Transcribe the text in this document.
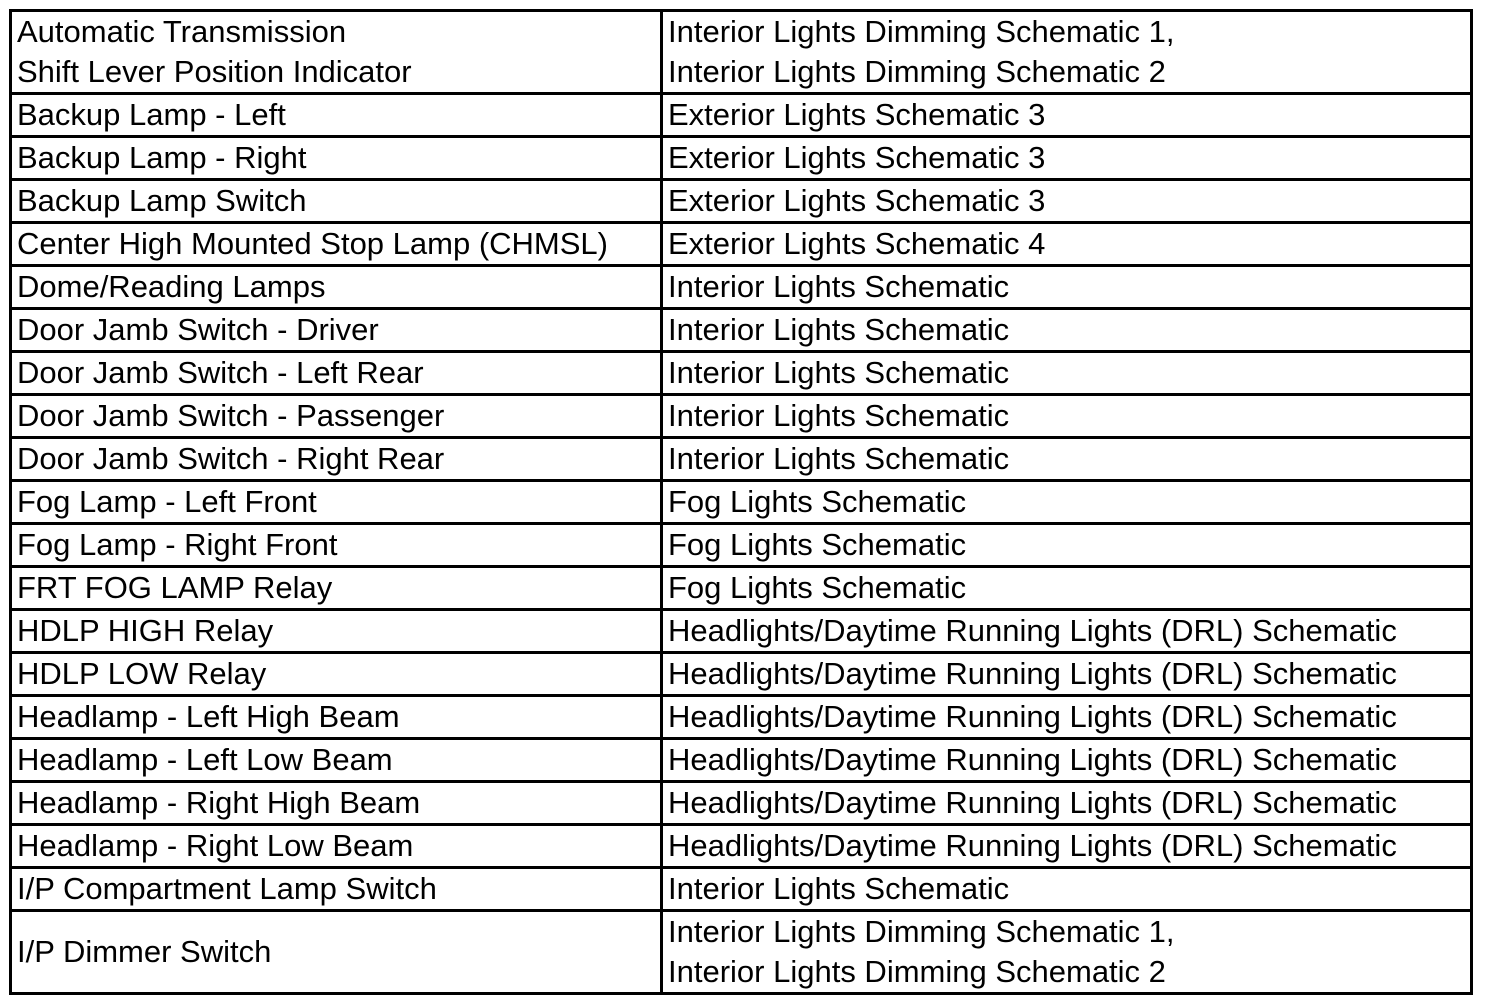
Automatic Transmission
Shift Lever Position Indicator	Interior Lights Dimming Schematic 1,
Interior Lights Dimming Schematic 2

Backup Lamp - Left	Exterior Lights Schematic 3

Backup Lamp - Right	Exterior Lights Schematic 3

Backup Lamp Switch	Exterior Lights Schematic 3

Center High Mounted Stop Lamp (CHMSL)	Exterior Lights Schematic 4

Dome/Reading Lamps	Interior Lights Schematic

Door Jamb Switch - Driver	Interior Lights Schematic

Door Jamb Switch - Left Rear	Interior Lights Schematic

Door Jamb Switch - Passenger	Interior Lights Schematic

Door Jamb Switch - Right Rear	Interior Lights Schematic

Fog Lamp - Left Front	Fog Lights Schematic

Fog Lamp - Right Front	Fog Lights Schematic

FRT FOG LAMP Relay	Fog Lights Schematic

HDLP HIGH Relay	Headlights/Daytime Running Lights (DRL) Schematic

HDLP LOW Relay	Headlights/Daytime Running Lights (DRL) Schematic

Headlamp - Left High Beam	Headlights/Daytime Running Lights (DRL) Schematic

Headlamp - Left Low Beam	Headlights/Daytime Running Lights (DRL) Schematic

Headlamp - Right High Beam	Headlights/Daytime Running Lights (DRL) Schematic

Headlamp - Right Low Beam	Headlights/Daytime Running Lights (DRL) Schematic

I/P Compartment Lamp Switch	Interior Lights Schematic

I/P Dimmer Switch	Interior Lights Dimming Schematic 1,
Interior Lights Dimming Schematic 2
